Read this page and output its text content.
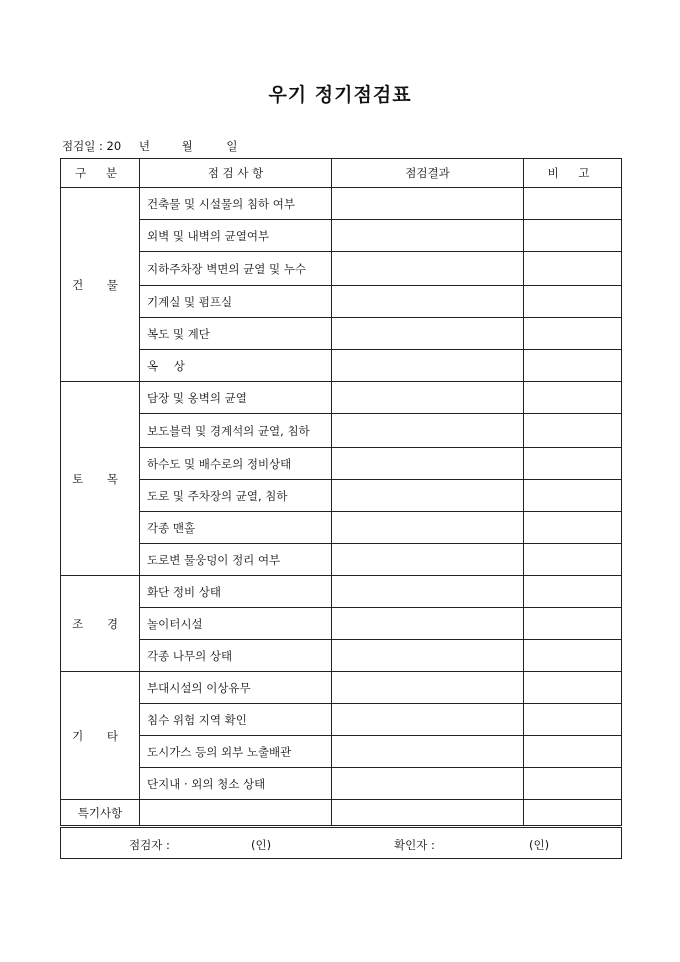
우기 정기점검표
점검일 : 20 년	월	일
구 분	점 검 사 항	점검결과	비 고
건 물	건축물 및 시설물의 침하 여부		
	외벽 및 내벽의 균열여부		
	지하주차장 벽면의 균열 및 누수		
	기계실 및 펌프실		
	복도 및 계단		
	옥 상		
토 목	담장 및 옹벽의 균열		
	보도블럭 및 경계석의 균열, 침하		
	하수도 및 배수로의 정비상태		
	도로 및 주차장의 균열, 침하		
	각종 맨홀		
	도로변 물웅덩이 정리 여부		
조 경	화단 정비 상태		
	놀이터시설		
	각종 나무의 상태		
기 타	부대시설의 이상유무		
	침수 위험 지역 확인		
	도시가스 등의 외부 노출배관		
	단지내 · 외의 청소 상태		
특기사항			

점검자 : (인) 확인자 : (인)			
